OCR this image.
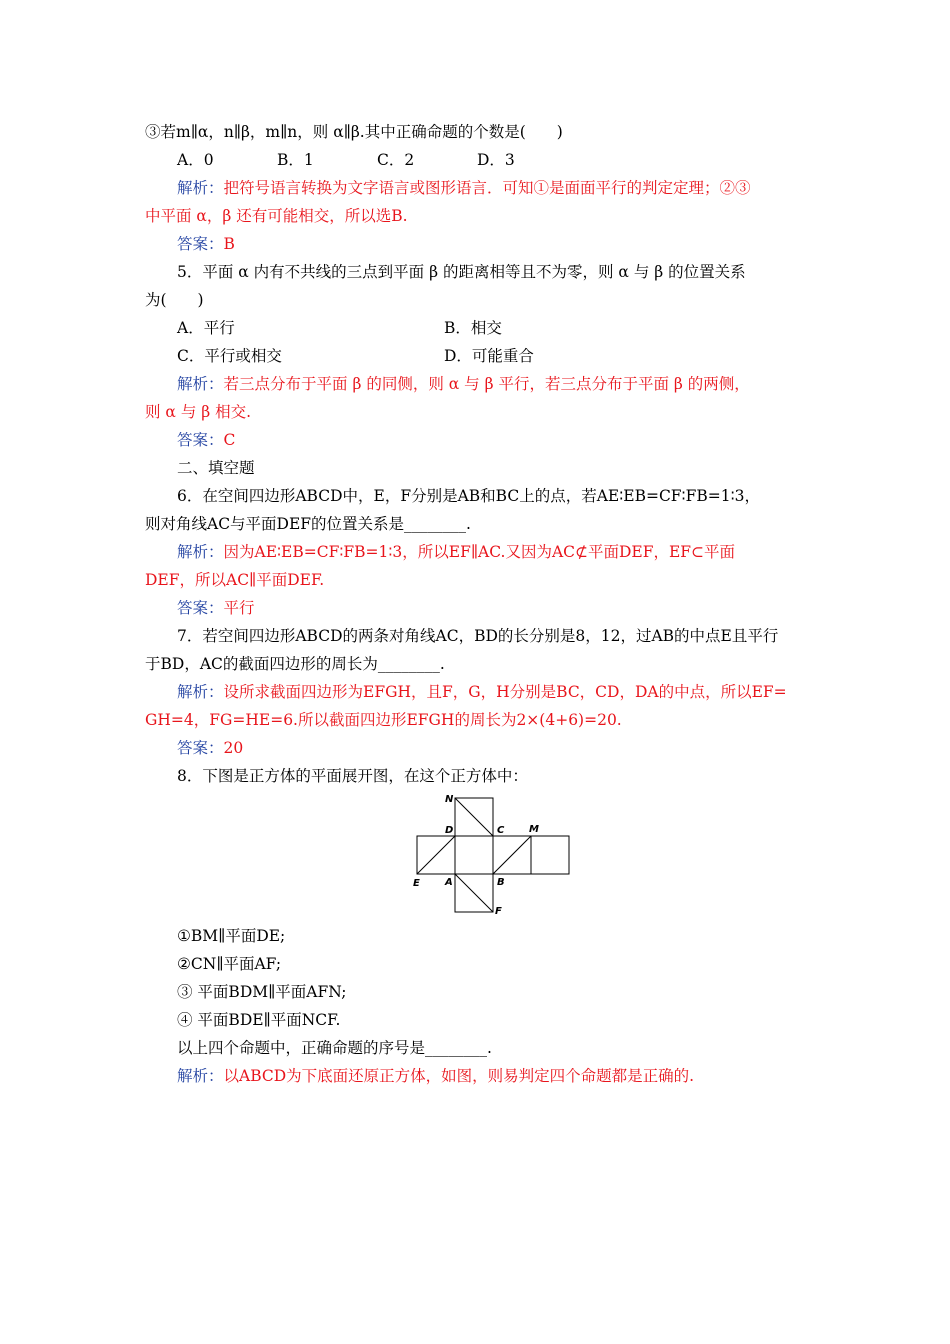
③若m∥α，n∥β，m∥n，则 α∥β.其中正确命题的个数是(　　)
A．0	B．1	C．2	D．3
解析：把符号语言转换为文字语言或图形语言．可知①是面面平行的判定定理；②③
中平面 α，β 还有可能相交，所以选B.
答案：B
5．平面 α 内有不共线的三点到平面 β 的距离相等且不为零，则 α 与 β 的位置关系
为(　　)
A．平行	B．相交
C．平行或相交	D．可能重合
解析：若三点分布于平面 β 的同侧，则 α 与 β 平行，若三点分布于平面 β 的两侧，
则 α 与 β 相交.
答案：C
二、填空题
6．在空间四边形ABCD中，E，F分别是AB和BC上的点，若AE∶EB=CF∶FB=1∶3，
则对角线AC与平面DEF的位置关系是________.
解析：因为AE∶EB=CF∶FB=1∶3，所以EF∥AC.又因为AC⊄平面DEF，EF⊂平面
DEF，所以AC∥平面DEF.
答案：平行
7．若空间四边形ABCD的两条对角线AC，BD的长分别是8，12，过AB的中点E且平行
于BD，AC的截面四边形的周长为________.
解析：设所求截面四边形为EFGH，且F，G，H分别是BC，CD，DA的中点，所以EF=
GH=4，FG=HE=6.所以截面四边形EFGH的周长为2×(4+6)=20.
答案：20
8．下图是正方体的平面展开图，在这个正方体中：
N
D	C M
E	A	B
F
①BM∥平面DE;
②CN∥平面AF;
③ 平面BDM∥平面AFN;
④ 平面BDE∥平面NCF.
以上四个命题中，正确命题的序号是________.
解析：以ABCD为下底面还原正方体，如图，则易判定四个命题都是正确的.
